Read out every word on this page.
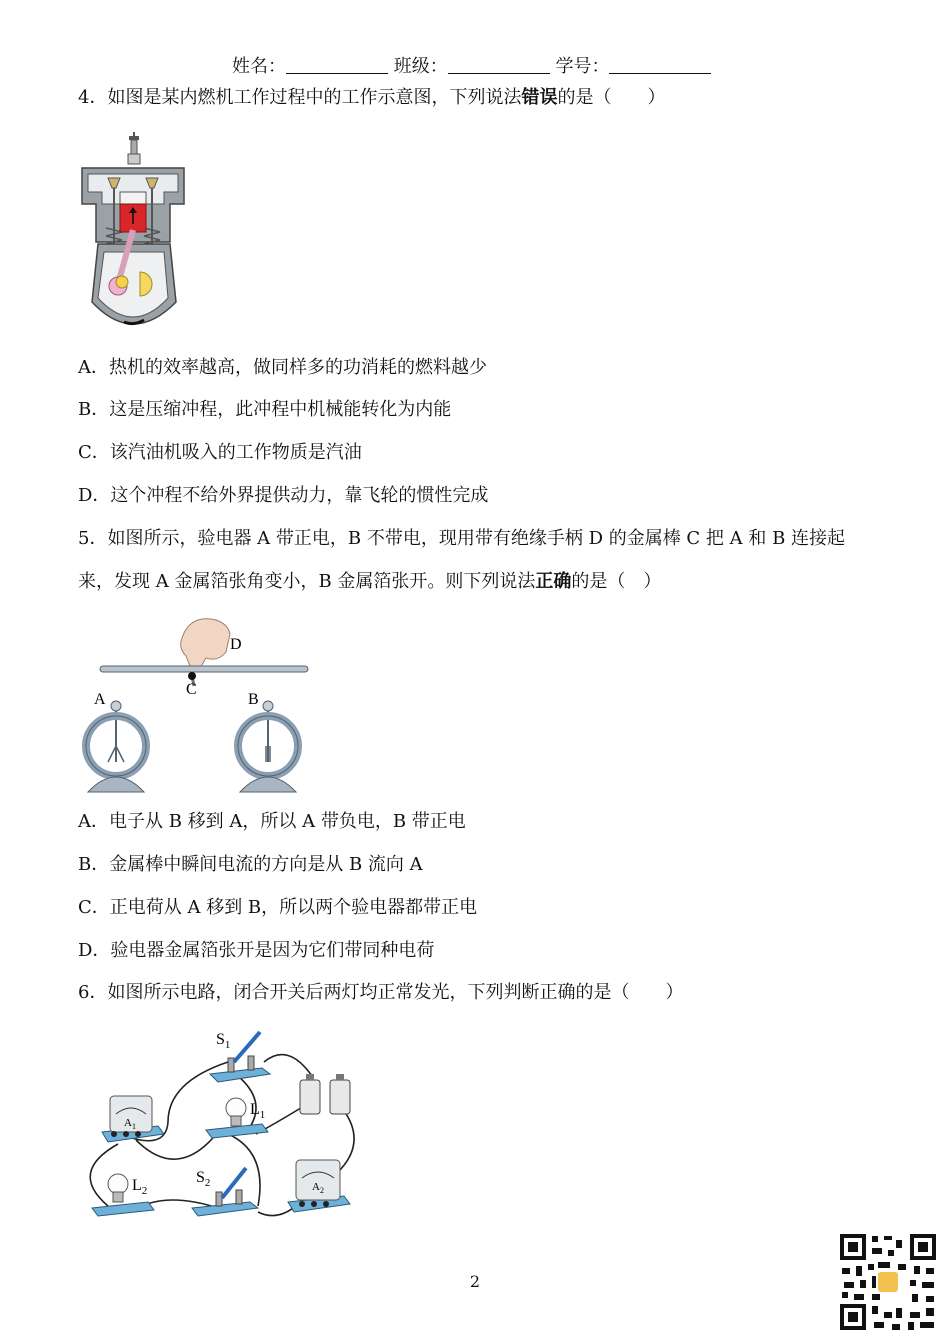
姓名：	班级：	学号：
4．如图是某内燃机工作过程中的工作示意图，下列说法错误的是（　　）
A．热机的效率越高，做同样多的功消耗的燃料越少
B．这是压缩冲程，此冲程中机械能转化为内能
C．该汽油机吸入的工作物质是汽油
D．这个冲程不给外界提供动力，靠飞轮的惯性完成
5．如图所示，验电器 A 带正电，B 不带电，现用带有绝缘手柄 D 的金属棒 C 把 A 和 B 连接起
来，发现 A 金属箔张角变小，B 金属箔张开。则下列说法正确的是（　）
D
C
A	B
A．电子从 B 移到 A，所以 A 带负电，B 带正电
B．金属棒中瞬间电流的方向是从 B 流向 A
C．正电荷从 A 移到 B，所以两个验电器都带正电
D．验电器金属箔张开是因为它们带同种电荷
6．如图所示电路，闭合开关后两灯均正常发光，下列判断正确的是（　　）
$S_1$
$A_1$
$L_1$
$L_2$
$S_2$	$A_2$
2
